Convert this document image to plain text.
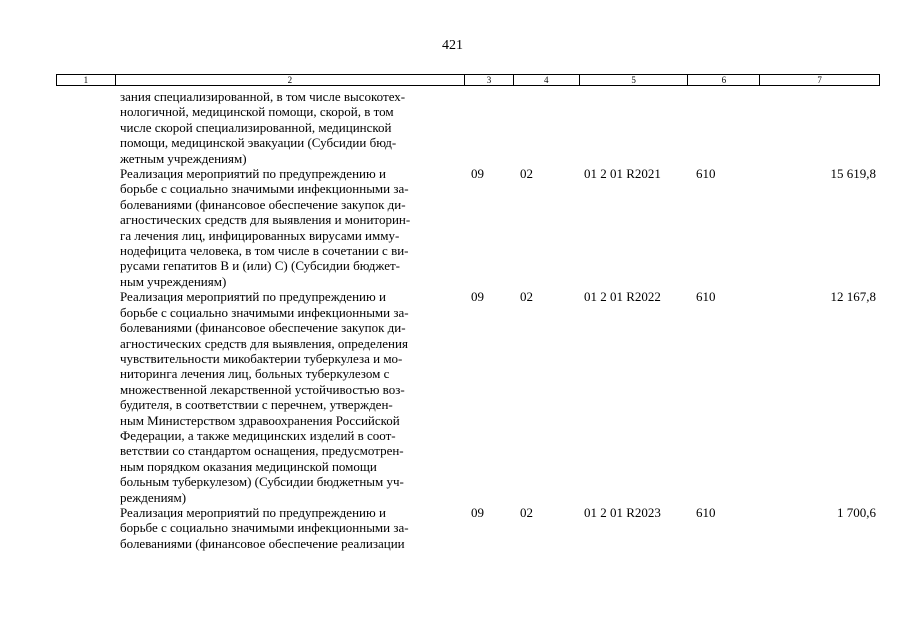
421
1	2	3	4	5	6	7
зания специализированной, в том числе высокотех-
нологичной, медицинской помощи, скорой, в том
числе скорой специализированной, медицинской
помощи, медицинской эвакуации (Субсидии бюд-
жетным учреждениям)
Реализация мероприятий по предупреждению и
борьбе с социально значимыми инфекционными за-
болеваниями (финансовое обеспечение закупок ди-
агностических средств для выявления и мониторин-
га лечения лиц, инфицированных вирусами имму-
нодефицита человека, в том числе в сочетании с ви-
русами гепатитов В и (или) С) (Субсидии бюджет-
ным учреждениям)
09	02	01 2 01 R2021	610	15 619,8
Реализация мероприятий по предупреждению и
борьбе с социально значимыми инфекционными за-
болеваниями (финансовое обеспечение закупок ди-
агностических средств для выявления, определения
чувствительности микобактерии туберкулеза и мо-
ниторинга лечения лиц, больных туберкулезом с
множественной лекарственной устойчивостью воз-
будителя, в соответствии с перечнем, утвержден-
ным Министерством здравоохранения Российской
Федерации, а также медицинских изделий в соот-
ветствии со стандартом оснащения, предусмотрен-
ным порядком оказания медицинской помощи
больным туберкулезом) (Субсидии бюджетным уч-
реждениям)
09	02	01 2 01 R2022	610	12 167,8
Реализация мероприятий по предупреждению и
борьбе с социально значимыми инфекционными за-
болеваниями (финансовое обеспечение реализации
09	02	01 2 01 R2023	610	1 700,6
